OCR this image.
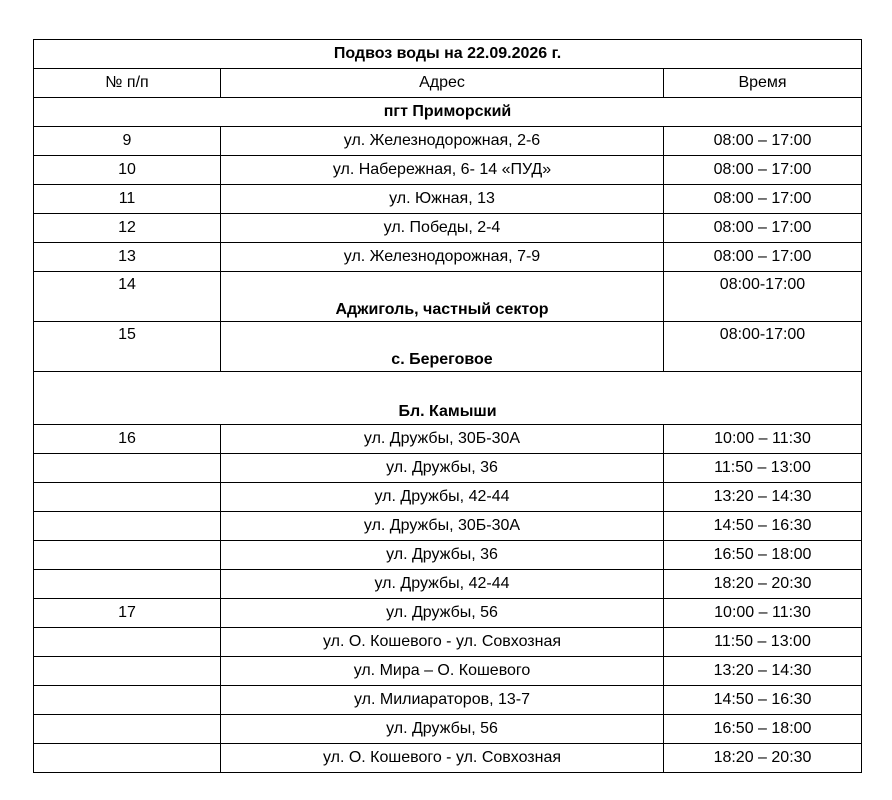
Подвоз воды на 22.09.2026 г.		
№ п/п	Адрес	Время
пгт Приморский		
9	ул. Железнодорожная, 2-6	08:00 – 17:00
10	ул. Набережная, 6- 14 «ПУД»	08:00 – 17:00
11	ул. Южная, 13	08:00 – 17:00
12	ул. Победы, 2-4	08:00 – 17:00
13	ул. Железнодорожная, 7-9	08:00 – 17:00
14	Аджиголь, частный сектор	08:00-17:00
15	с. Береговое	08:00-17:00
Бл. Камыши		
16	ул. Дружбы, 30Б-30А	10:00 – 11:30
	ул. Дружбы, 36	11:50 – 13:00
	ул. Дружбы, 42-44	13:20 – 14:30
	ул. Дружбы, 30Б-30А	14:50 – 16:30
	ул. Дружбы, 36	16:50 – 18:00
	ул. Дружбы, 42-44	18:20 – 20:30
17	ул. Дружбы, 56	10:00 – 11:30
	ул. О. Кошевого - ул. Совхозная	11:50 – 13:00
	ул. Мира – О. Кошевого	13:20 – 14:30
	ул. Милиараторов, 13-7	14:50 – 16:30
	ул. Дружбы, 56	16:50 – 18:00
	ул. О. Кошевого - ул. Совхозная	18:20 – 20:30
